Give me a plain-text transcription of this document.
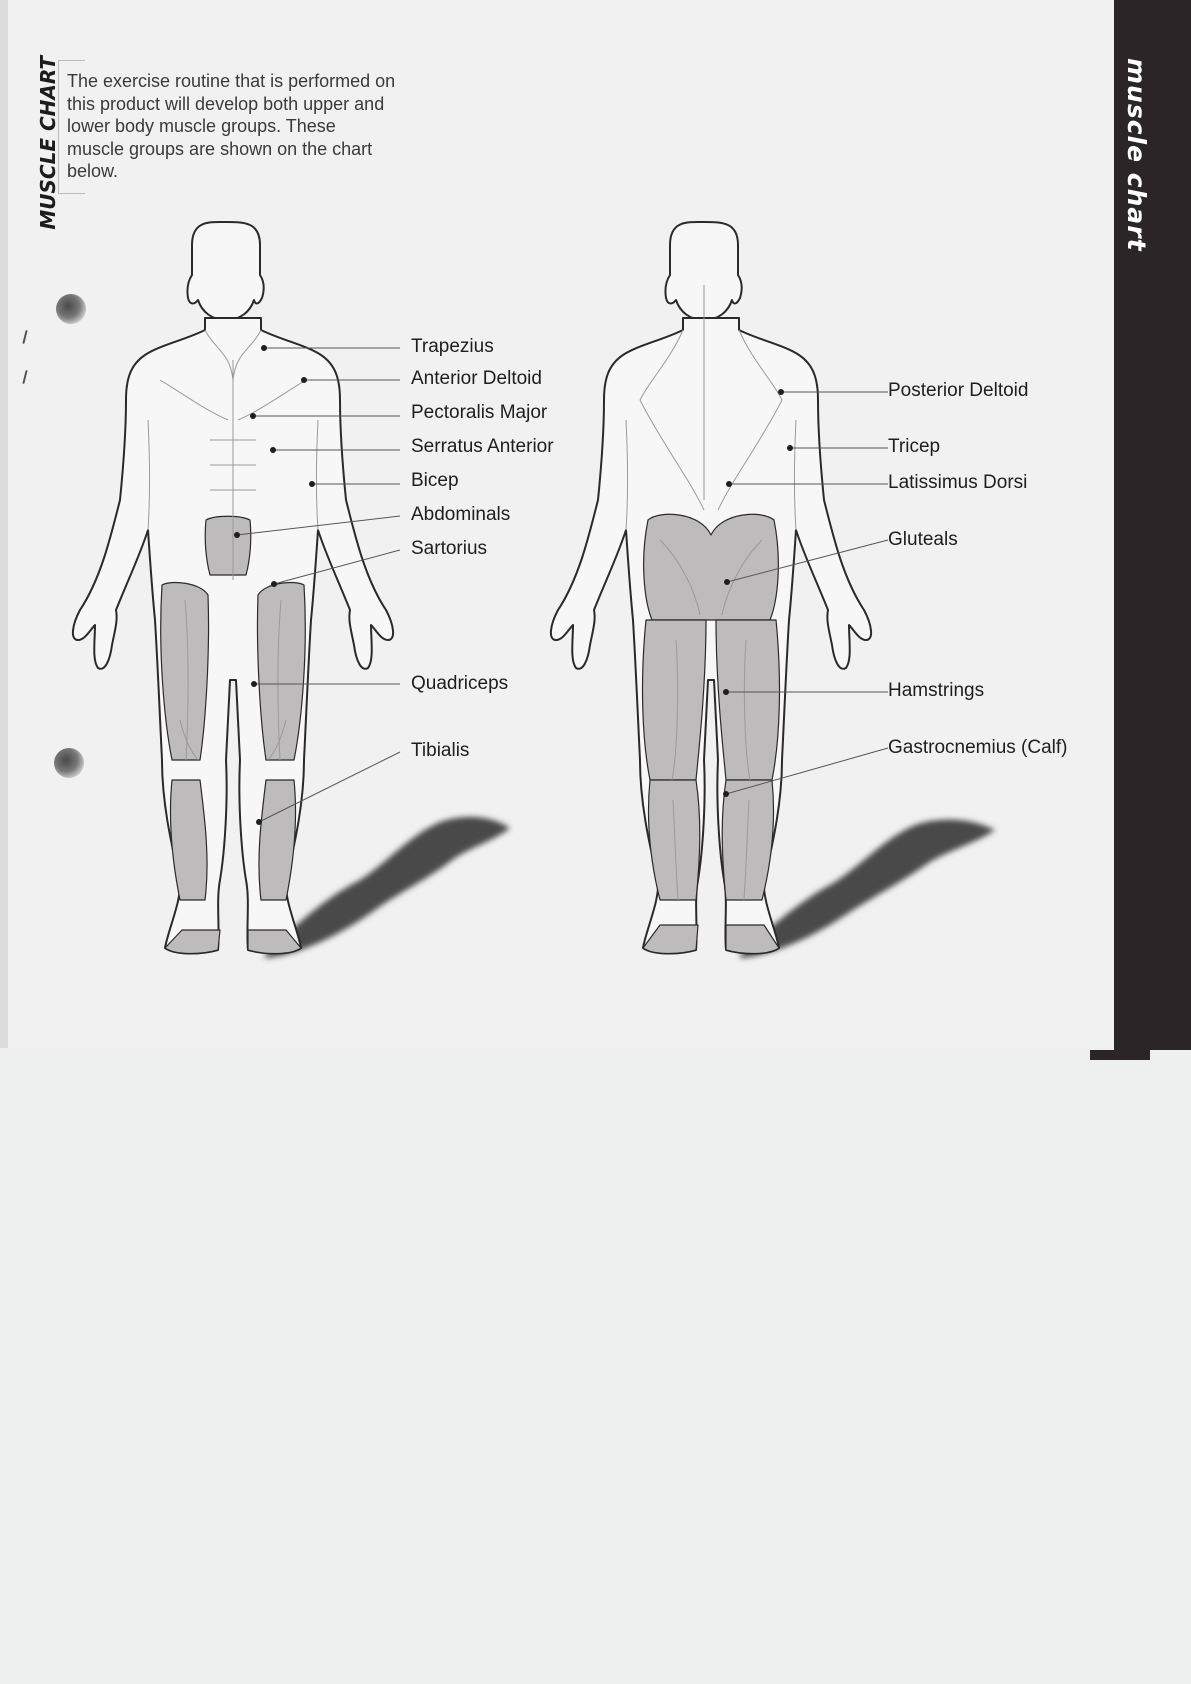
muscle chart
MUSCLE CHART The exercise routine that is performed on this product will develop both upper and lower body muscle groups. These muscle groups are shown on the chart below.
Trapezius
Anterior Deltoid
Pectoralis Major
Serratus Anterior
Bicep
Abdominals
Sartorius
Quadriceps
Tibialis
Posterior Deltoid
Tricep
Latissimus Dorsi
Gluteals
Hamstrings
Gastrocnemius (Calf)
